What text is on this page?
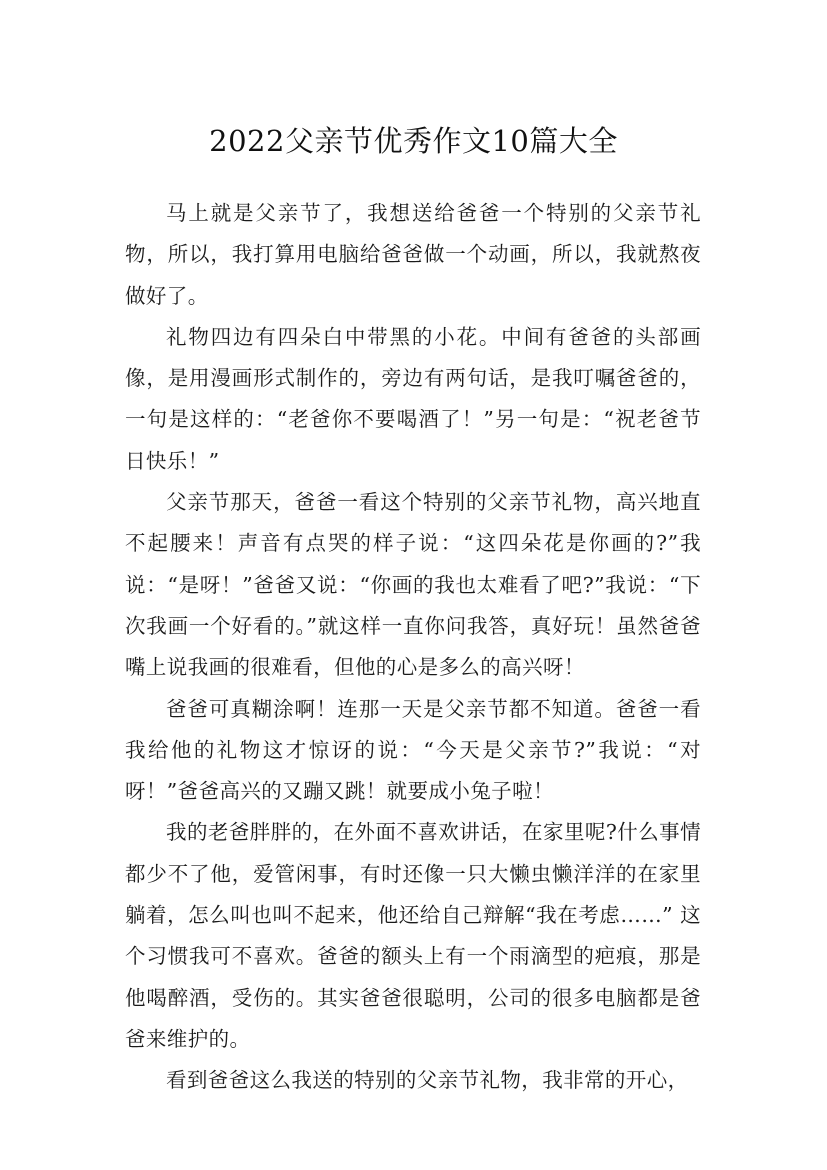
2022父亲节优秀作文10篇大全

马上就是父亲节了，我想送给爸爸一个特别的父亲节礼物，所以，我打算用电脑给爸爸做一个动画，所以，我就熬夜做好了。

礼物四边有四朵白中带黑的小花。中间有爸爸的头部画像，是用漫画形式制作的，旁边有两句话，是我叮嘱爸爸的，一句是这样的：“老爸你不要喝酒了！”另一句是：“祝老爸节日快乐！”

父亲节那天，爸爸一看这个特别的父亲节礼物，高兴地直不起腰来！声音有点哭的样子说：“这四朵花是你画的?”我说：“是呀！”爸爸又说：“你画的我也太难看了吧?”我说：“下次我画一个好看的。”就这样一直你问我答，真好玩！虽然爸爸嘴上说我画的很难看，但他的心是多么的高兴呀！

爸爸可真糊涂啊！连那一天是父亲节都不知道。爸爸一看我给他的礼物这才惊讶的说：“今天是父亲节?”我说：“对呀！”爸爸高兴的又蹦又跳！就要成小兔子啦！

我的老爸胖胖的，在外面不喜欢讲话，在家里呢?什么事情都少不了他，爱管闲事，有时还像一只大懒虫懒洋洋的在家里躺着，怎么叫也叫不起来，他还给自己辩解“我在考虑……” 这个习惯我可不喜欢。爸爸的额头上有一个雨滴型的疤痕，那是他喝醉酒，受伤的。其实爸爸很聪明，公司的很多电脑都是爸爸来维护的。

看到爸爸这么我送的特别的父亲节礼物，我非常的开心，
